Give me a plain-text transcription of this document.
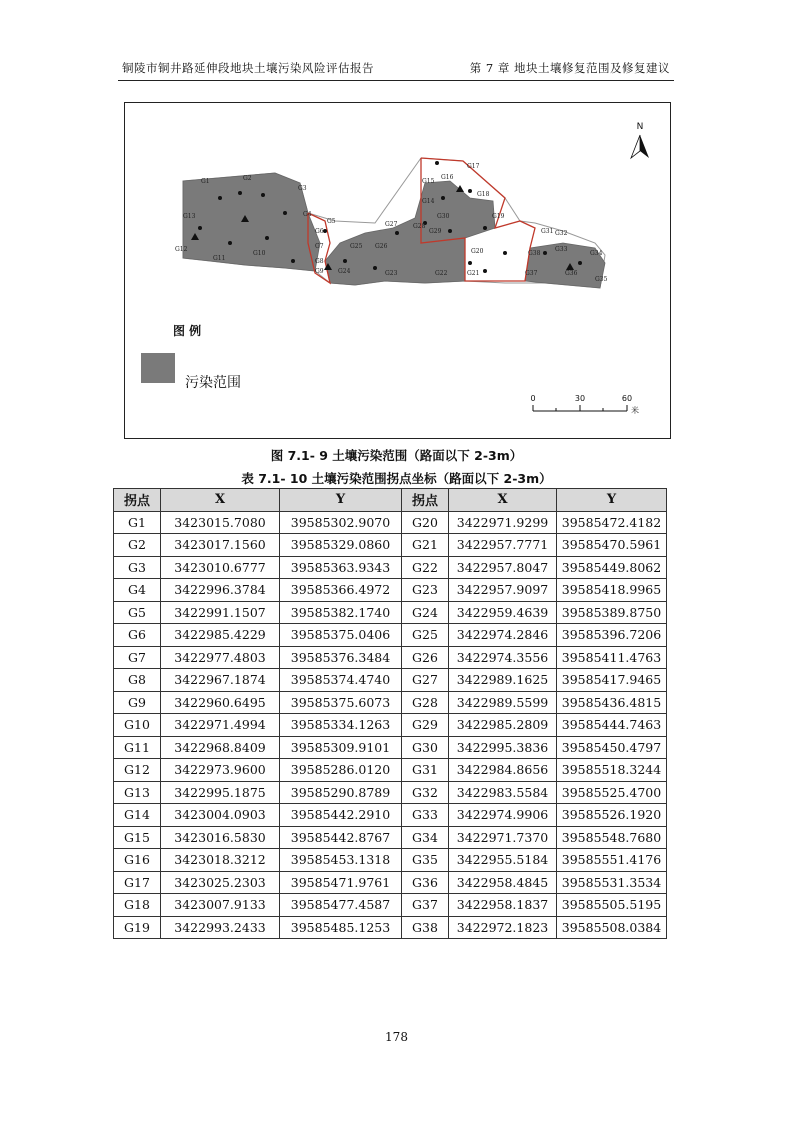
铜陵市铜井路延伸段地块土壤污染风险评估报告	第 7 章 地块土壤修复范围及修复建议
G1	G2
G3
G4
G5
G6
G7
G8
G9
G10
G11
G12
G13
G14
G15
G16
G17
G18
G19
G20
G21
G22
G23
G24
G25 G26
G27	G28
G29
G30
G31 G32
G33
G34
G35
G36
G37
G38
N
图 例
污染范围
0	30	60
米
图 7.1- 9 土壤污染范围（路面以下 2-3m）
表 7.1- 10 土壤污染范围拐点坐标（路面以下 2-3m）
拐点	X	Y	拐点	X	Y
G1	3423015.7080	39585302.9070	G20	3422971.9299	39585472.4182
G2	3423017.1560	39585329.0860	G21	3422957.7771	39585470.5961
G3	3423010.6777	39585363.9343	G22	3422957.8047	39585449.8062
G4	3422996.3784	39585366.4972	G23	3422957.9097	39585418.9965
G5	3422991.1507	39585382.1740	G24	3422959.4639	39585389.8750
G6	3422985.4229	39585375.0406	G25	3422974.2846	39585396.7206
G7	3422977.4803	39585376.3484	G26	3422974.3556	39585411.4763
G8	3422967.1874	39585374.4740	G27	3422989.1625	39585417.9465
G9	3422960.6495	39585375.6073	G28	3422989.5599	39585436.4815
G10	3422971.4994	39585334.1263	G29	3422985.2809	39585444.7463
G11	3422968.8409	39585309.9101	G30	3422995.3836	39585450.4797
G12	3422973.9600	39585286.0120	G31	3422984.8656	39585518.3244
G13	3422995.1875	39585290.8789	G32	3422983.5584	39585525.4700
G14	3423004.0903	39585442.2910	G33	3422974.9906	39585526.1920
G15	3423016.5830	39585442.8767	G34	3422971.7370	39585548.7680
G16	3423018.3212	39585453.1318	G35	3422955.5184	39585551.4176
G17	3423025.2303	39585471.9761	G36	3422958.4845	39585531.3534
G18	3423007.9133	39585477.4587	G37	3422958.1837	39585505.5195
G19	3422993.2433	39585485.1253	G38	3422972.1823	39585508.0384
178
